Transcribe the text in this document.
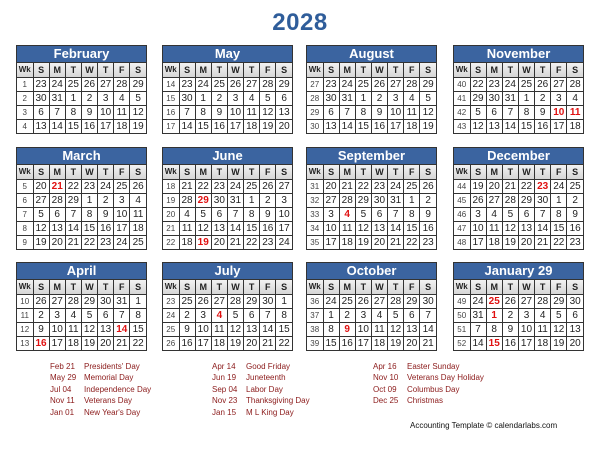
2028
February
Wk	S	M	T	W	T	F	S
1	23	24	25	26	27	28	29
2	30	31	1	2	3	4	5
3	6	7	8	9	10	11	12
4	13	14	15	16	17	18	19
May
Wk	S	M	T	W	T	F	S
14	23	24	25	26	27	28	29
15	30	1	2	3	4	5	6
16	7	8	9	10	11	12	13
17	14	15	16	17	18	19	20
August
Wk	S	M	T	W	T	F	S
27	23	24	25	26	27	28	29
28	30	31	1	2	3	4	5
29	6	7	8	9	10	11	12
30	13	14	15	16	17	18	19
November
Wk	S	M	T	W	T	F	S
40	22	23	24	25	26	27	28
41	29	30	31	1	2	3	4
42	5	6	7	8	9	10	11
43	12	13	14	15	16	17	18
March
Wk	S	M	T	W	T	F	S
5	20	21	22	23	24	25	26
6	27	28	29	1	2	3	4
7	5	6	7	8	9	10	11
8	12	13	14	15	16	17	18
9	19	20	21	22	23	24	25
June
Wk	S	M	T	W	T	F	S
18	21	22	23	24	25	26	27
19	28	29	30	31	1	2	3
20	4	5	6	7	8	9	10
21	11	12	13	14	15	16	17
22	18	19	20	21	22	23	24
September
Wk	S	M	T	W	T	F	S
31	20	21	22	23	24	25	26
32	27	28	29	30	31	1	2
33	3	4	5	6	7	8	9
34	10	11	12	13	14	15	16
35	17	18	19	20	21	22	23
December
Wk	S	M	T	W	T	F	S
44	19	20	21	22	23	24	25
45	26	27	28	29	30	1	2
46	3	4	5	6	7	8	9
47	10	11	12	13	14	15	16
48	17	18	19	20	21	22	23
April
Wk	S	M	T	W	T	F	S
10	26	27	28	29	30	31	1
11	2	3	4	5	6	7	8
12	9	10	11	12	13	14	15
13	16	17	18	19	20	21	22
July
Wk	S	M	T	W	T	F	S
23	25	26	27	28	29	30	1
24	2	3	4	5	6	7	8
25	9	10	11	12	13	14	15
26	16	17	18	19	20	21	22
October
Wk	S	M	T	W	T	F	S
36	24	25	26	27	28	29	30
37	1	2	3	4	5	6	7
38	8	9	10	11	12	13	14
39	15	16	17	18	19	20	21
January 29
Wk	S	M	T	W	T	F	S
49	24	25	26	27	28	29	30
50	31	1	2	3	4	5	6
51	7	8	9	10	11	12	13
52	14	15	16	17	18	19	20
Feb 21 Presidents' Day
May 29 Memorial Day
Jul 04 Independence Day
Nov 11 Veterans Day
Jan 01 New Year's Day
Apr 14 Good Friday
Jun 19 Juneteenth
Sep 04 Labor Day
Nov 23 Thanksgiving Day
Jan 15 M L King Day
Apr 16 Easter Sunday
Nov 10 Veterans Day Holiday
Oct 09 Columbus Day
Dec 25 Christmas
Accounting Template © calendarlabs.com
